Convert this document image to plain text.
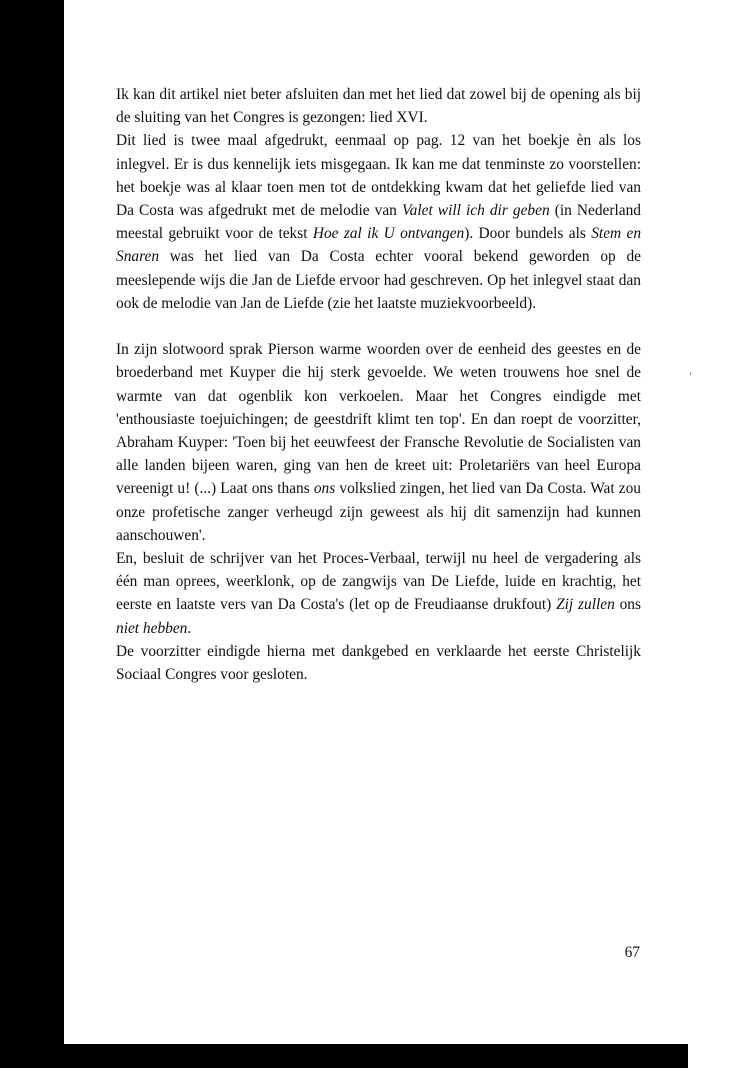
Ik kan dit artikel niet beter afsluiten dan met het lied dat zowel bij de opening als bij de sluiting van het Congres is gezongen: lied XVI.

Dit lied is twee maal afgedrukt, eenmaal op pag. 12 van het boekje èn als los inlegvel. Er is dus kennelijk iets misgegaan. Ik kan me dat tenminste zo voorstellen: het boekje was al klaar toen men tot de ontdekking kwam dat het geliefde lied van Da Costa was afgedrukt met de melodie van Valet will ich dir geben (in Nederland meestal gebruikt voor de tekst Hoe zal ik U ontvangen). Door bundels als Stem en Snaren was het lied van Da Costa echter vooral bekend geworden op de meeslepende wijs die Jan de Liefde ervoor had geschreven. Op het inlegvel staat dan ook de melodie van Jan de Liefde (zie het laatste muziekvoorbeeld).

In zijn slotwoord sprak Pierson warme woorden over de eenheid des geestes en de broederband met Kuyper die hij sterk gevoelde. We weten trouwens hoe snel de warmte van dat ogenblik kon verkoelen. Maar het Congres eindigde met 'enthousiaste toejuichingen; de geestdrift klimt ten top'. En dan roept de voorzitter, Abraham Kuyper: 'Toen bij het eeuwfeest der Fransche Revolutie de Socialisten van alle landen bijeen waren, ging van hen de kreet uit: Proletariërs van heel Europa vereenigt u! (...) Laat ons thans ons volkslied zingen, het lied van Da Costa. Wat zou onze profetische zanger verheugd zijn geweest als hij dit samenzijn had kunnen aanschouwen'.

En, besluit de schrijver van het Proces-Verbaal, terwijl nu heel de vergadering als één man oprees, weerklonk, op de zangwijs van De Liefde, luide en krachtig, het eerste en laatste vers van Da Costa's (let op de Freudiaanse drukfout) Zij zullen ons niet hebben.

De voorzitter eindigde hierna met dankgebed en verklaarde het eerste Christelijk Sociaal Congres voor gesloten.

67
